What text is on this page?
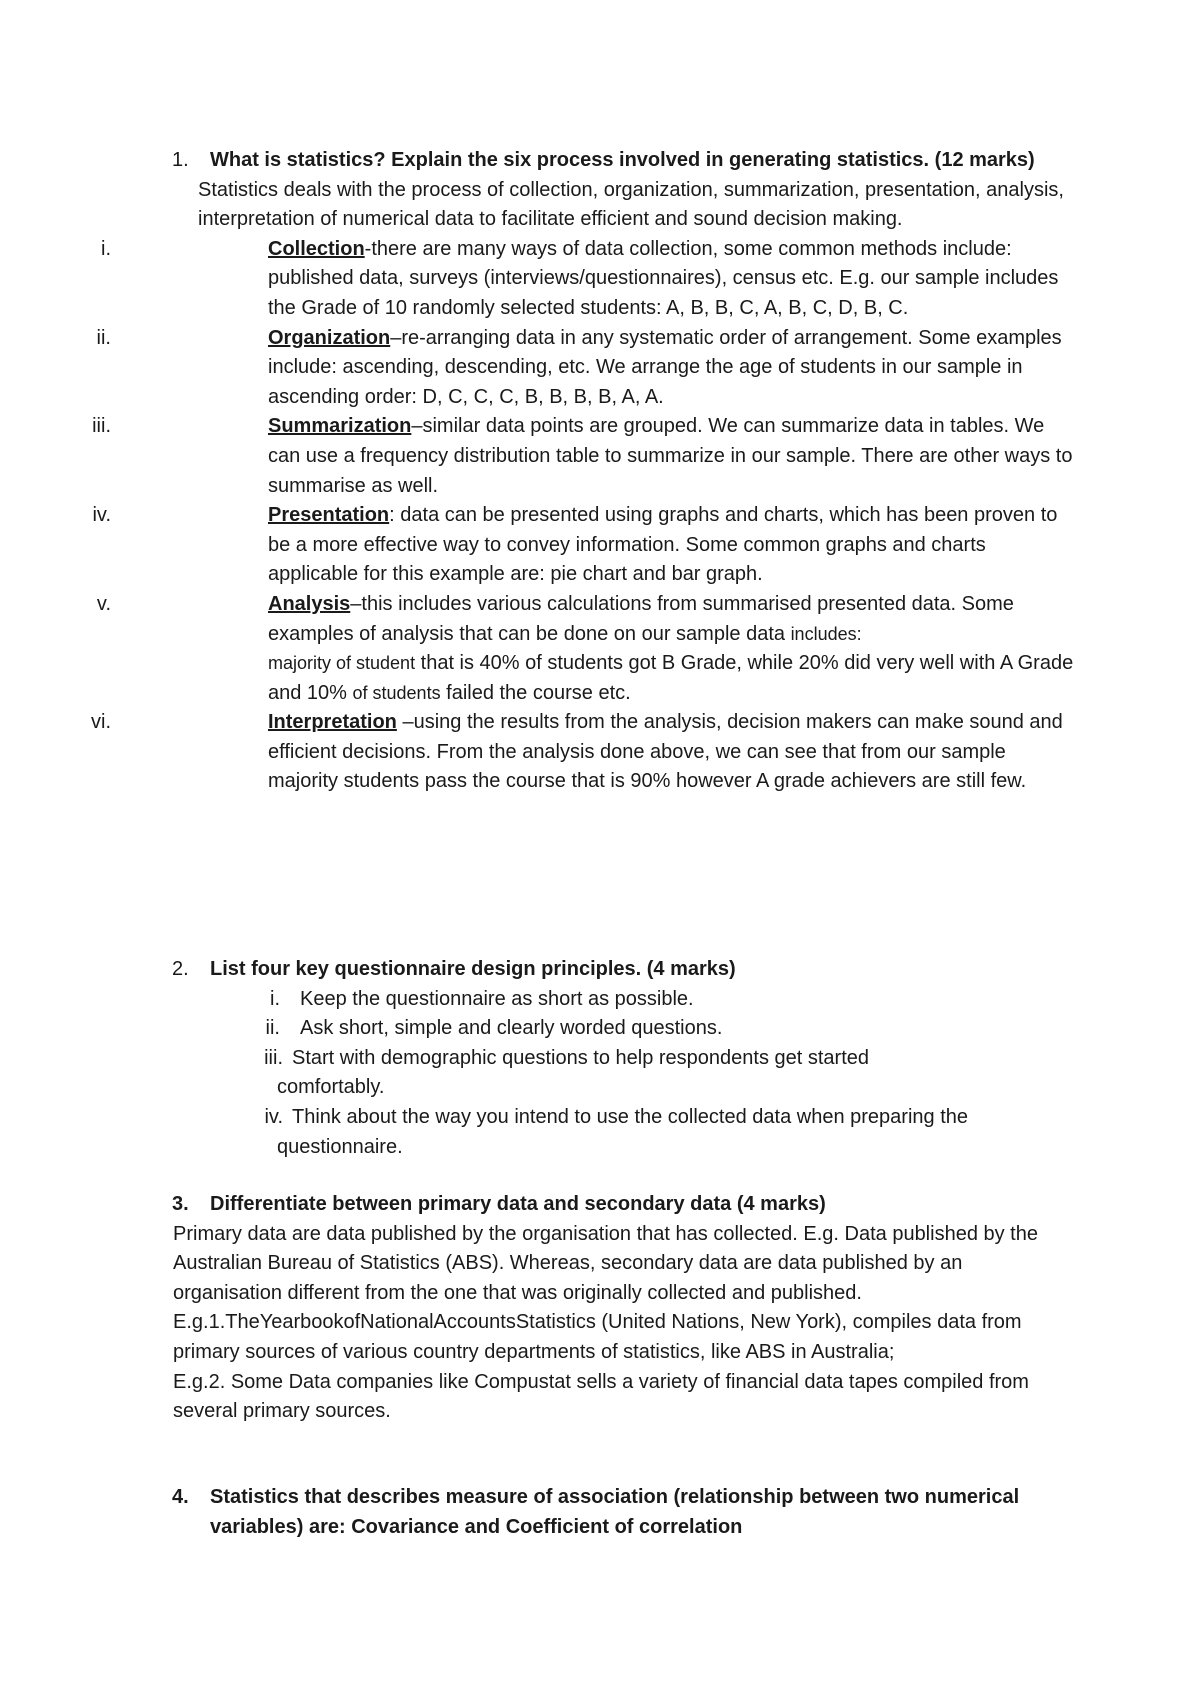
1. What is statistics? Explain the six process involved in generating statistics. (12 marks)
Statistics deals with the process of collection, organization, summarization, presentation, analysis, interpretation of numerical data to facilitate efficient and sound decision making.
i.	Collection-there are many ways of data collection, some common methods include: published data, surveys (interviews/questionnaires), census etc. E.g. our sample includes the Grade of 10 randomly selected students: A, B, B, C, A, B, C, D, B, C.
ii.	Organization–re-arranging data in any systematic order of arrangement. Some examples include: ascending, descending, etc. We arrange the age of students in our sample in ascending order: D, C, C, C, B, B, B, B, A, A.
iii.	Summarization–similar data points are grouped. We can summarize data in tables. We can use a frequency distribution table to summarize in our sample. There are other ways to summarise as well.
iv.	Presentation: data can be presented using graphs and charts, which has been proven to be a more effective way to convey information. Some common graphs and charts applicable for this example are: pie chart and bar graph.
v.	Analysis–this includes various calculations from summarised presented data. Some examples of analysis that can be done on our sample data includes:
majority of student that is 40% of students got B Grade, while 20% did very well with A Grade and 10% of students failed the course etc.
vi.	Interpretation –using the results from the analysis, decision makers can make sound and efficient decisions. From the analysis done above, we can see that from our sample majority students pass the course that is 90% however A grade achievers are still few.
2. List four key questionnaire design principles. (4 marks)
i. Keep the questionnaire as short as possible.
ii. Ask short, simple and clearly worded questions.
iii. Start with demographic questions to help respondents get started
comfortably.
iv. Think about the way you intend to use the collected data when preparing the
questionnaire.
3. Differentiate between primary data and secondary data (4 marks)
Primary data are data published by the organisation that has collected. E.g. Data published by the Australian Bureau of Statistics (ABS). Whereas, secondary data are data published by an organisation different from the one that was originally collected and published. E.g.1.TheYearbookofNationalAccountsStatistics (United Nations, New York), compiles data from primary sources of various country departments of statistics, like ABS in Australia;
E.g.2. Some Data companies like Compustat sells a variety of financial data tapes compiled from several primary sources.
4. Statistics that describes measure of association (relationship between two numerical variables) are: Covariance and Coefficient of correlation
